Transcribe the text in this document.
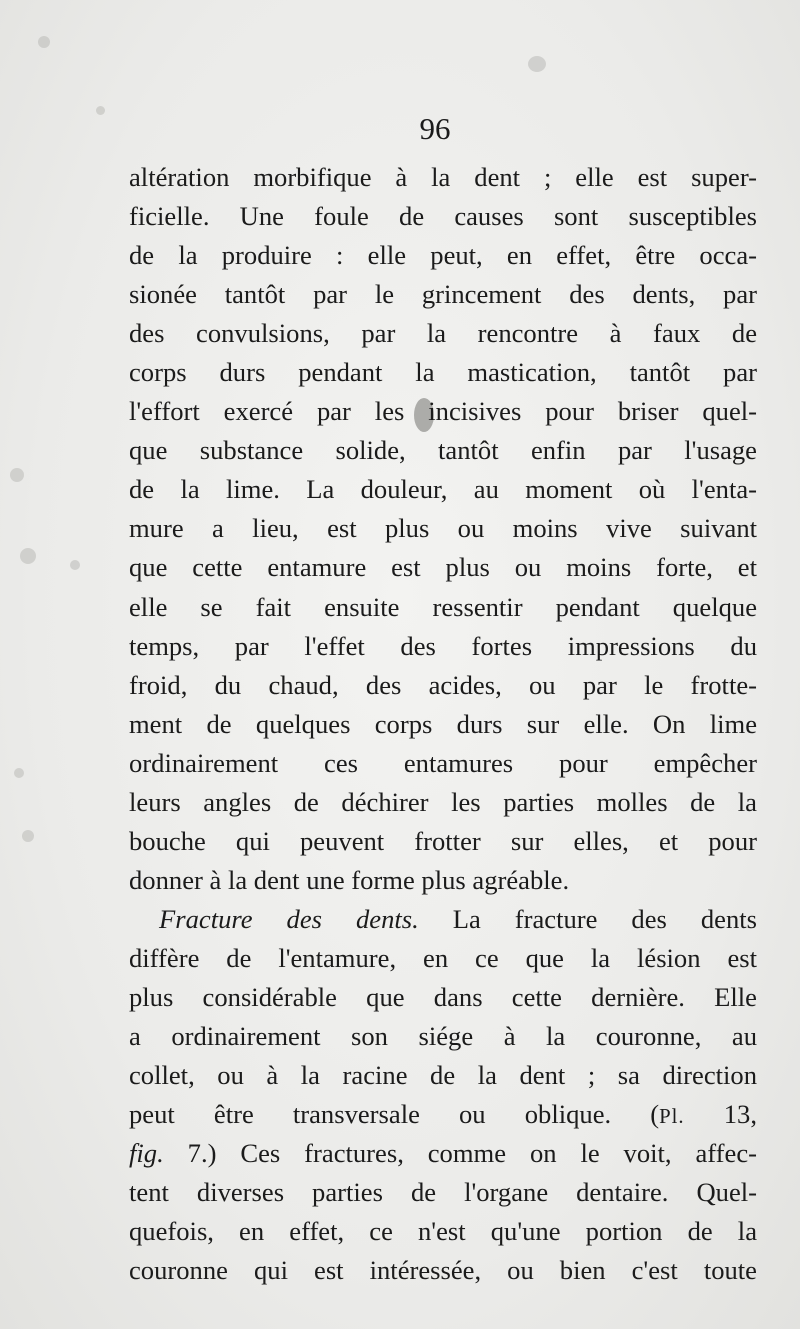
96
altération morbifique à la dent ; elle est super-
ficielle. Une foule de causes sont susceptibles
de la produire : elle peut, en effet, être occa-
sionée tantôt par le grincement des dents, par
des convulsions, par la rencontre à faux de
corps durs pendant la mastication, tantôt par
l'effort exercé par les incisives pour briser quel-
que substance solide, tantôt enfin par l'usage
de la lime. La douleur, au moment où l'enta-
mure a lieu, est plus ou moins vive suivant
que cette entamure est plus ou moins forte, et
elle se fait ensuite ressentir pendant quelque
temps, par l'effet des fortes impressions du
froid, du chaud, des acides, ou par le frotte-
ment de quelques corps durs sur elle. On lime
ordinairement ces entamures pour empêcher
leurs angles de déchirer les parties molles de la
bouche qui peuvent frotter sur elles, et pour
donner à la dent une forme plus agréable.
Fracture des dents. La fracture des dents
diffère de l'entamure, en ce que la lésion est
plus considérable que dans cette dernière. Elle
a ordinairement son siége à la couronne, au
collet, ou à la racine de la dent ; sa direction
peut être transversale ou oblique. (Pl. 13,
fig. 7.) Ces fractures, comme on le voit, affec-
tent diverses parties de l'organe dentaire. Quel-
quefois, en effet, ce n'est qu'une portion de la
couronne qui est intéressée, ou bien c'est toute
